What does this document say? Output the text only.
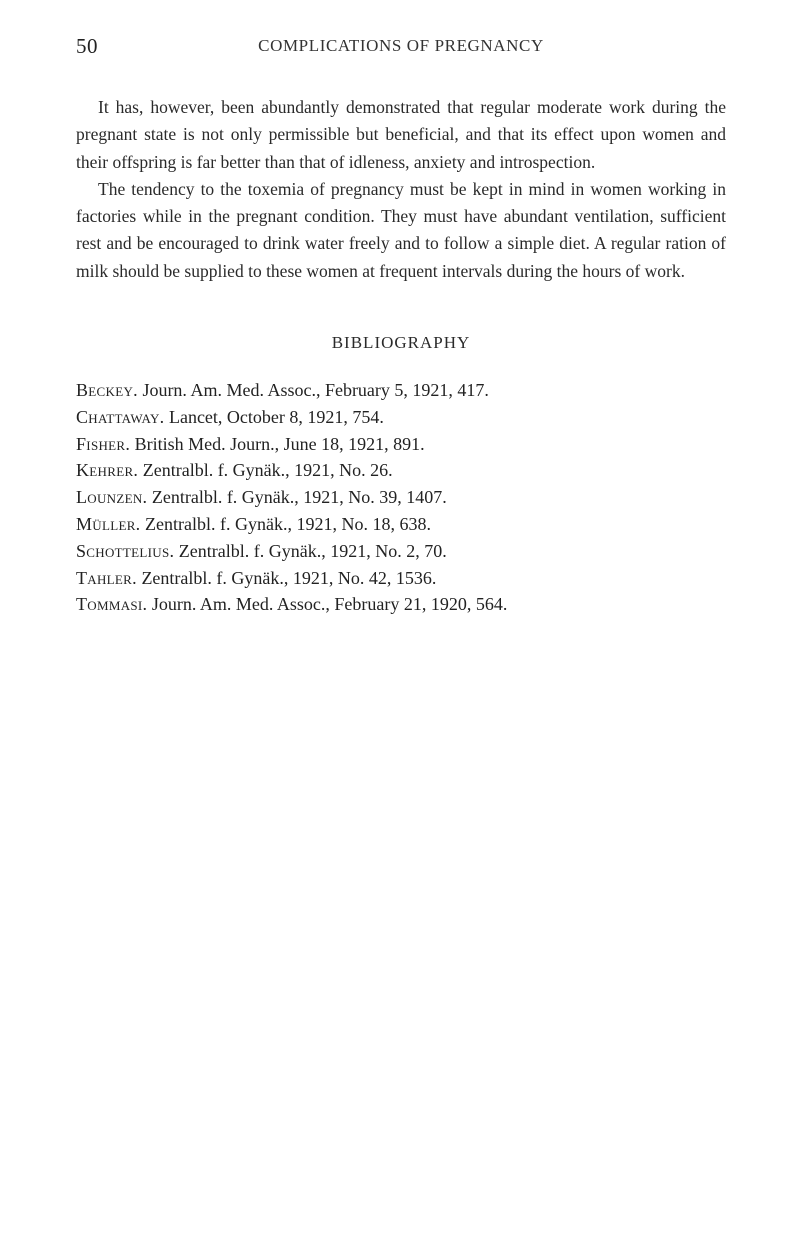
50	COMPLICATIONS OF PREGNANCY

It has, however, been abundantly demonstrated that regular moderate work during the pregnant state is not only permissible but beneficial, and that its effect upon women and their offspring is far better than that of idleness, anxiety and introspection.

The tendency to the toxemia of pregnancy must be kept in mind in women working in factories while in the pregnant condition. They must have abundant ventilation, sufficient rest and be encouraged to drink water freely and to follow a simple diet. A regular ration of milk should be supplied to these women at frequent intervals during the hours of work.

BIBLIOGRAPHY
Beckey. Journ. Am. Med. Assoc., February 5, 1921, 417.
Chattaway. Lancet, October 8, 1921, 754.
Fisher. British Med. Journ., June 18, 1921, 891.
Kehrer. Zentralbl. f. Gynäk., 1921, No. 26.
Lounzen. Zentralbl. f. Gynäk., 1921, No. 39, 1407.
Müller. Zentralbl. f. Gynäk., 1921, No. 18, 638.
Schottelius. Zentralbl. f. Gynäk., 1921, No. 2, 70.
Tahler. Zentralbl. f. Gynäk., 1921, No. 42, 1536.
Tommasi. Journ. Am. Med. Assoc., February 21, 1920, 564.
